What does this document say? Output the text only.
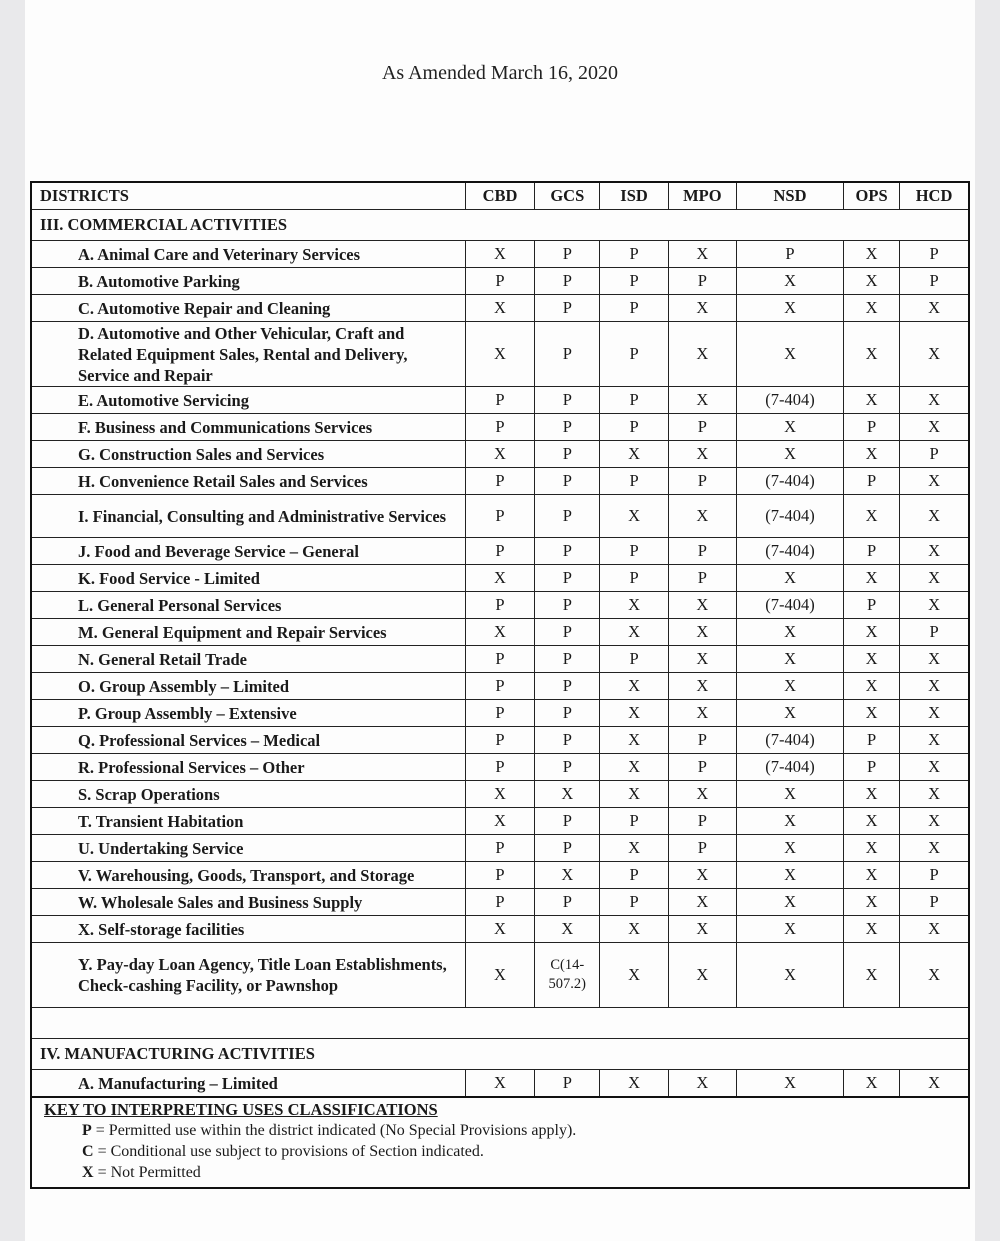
As Amended March 16, 2020
DISTRICTS	CBD	GCS	ISD	MPO	NSD	OPS	HCD
III. COMMERCIAL ACTIVITIES							
A. Animal Care and Veterinary Services	X	P	P	X	P	X	P
B. Automotive Parking	P	P	P	P	X	X	P
C. Automotive Repair and Cleaning	X	P	P	X	X	X	X
D. Automotive and Other Vehicular, Craft and Related Equipment Sales, Rental and Delivery, Service and Repair	X	P	P	X	X	X	X
E. Automotive Servicing	P	P	P	X	(7-404)	X	X
F. Business and Communications Services	P	P	P	P	X	P	X
G. Construction Sales and Services	X	P	X	X	X	X	P
H. Convenience Retail Sales and Services	P	P	P	P	(7-404)	P	X
I. Financial, Consulting and Administrative Services	P	P	X	X	(7-404)	X	X
J. Food and Beverage Service – General	P	P	P	P	(7-404)	P	X
K. Food Service - Limited	X	P	P	P	X	X	X
L. General Personal Services	P	P	X	X	(7-404)	P	X
M. General Equipment and Repair Services	X	P	X	X	X	X	P
N. General Retail Trade	P	P	P	X	X	X	X
O. Group Assembly – Limited	P	P	X	X	X	X	X
P. Group Assembly – Extensive	P	P	X	X	X	X	X
Q. Professional Services – Medical	P	P	X	P	(7-404)	P	X
R. Professional Services – Other	P	P	X	P	(7-404)	P	X
S. Scrap Operations	X	X	X	X	X	X	X
T. Transient Habitation	X	P	P	P	X	X	X
U. Undertaking Service	P	P	X	P	X	X	X
V. Warehousing, Goods, Transport, and Storage	P	X	P	X	X	X	P
W. Wholesale Sales and Business Supply	P	P	P	X	X	X	P
X. Self-storage facilities	X	X	X	X	X	X	X
Y. Pay-day Loan Agency, Title Loan Establishments, Check-cashing Facility, or Pawnshop	X	C(14-507.2)	X	X	X	X	X

IV. MANUFACTURING ACTIVITIES							
A. Manufacturing – Limited	X	P	X	X	X	X	X

KEY TO INTERPRETING USES CLASSIFICATIONS
P = Permitted use within the district indicated (No Special Provisions apply).
C = Conditional use subject to provisions of Section indicated.
X = Not Permitted							
